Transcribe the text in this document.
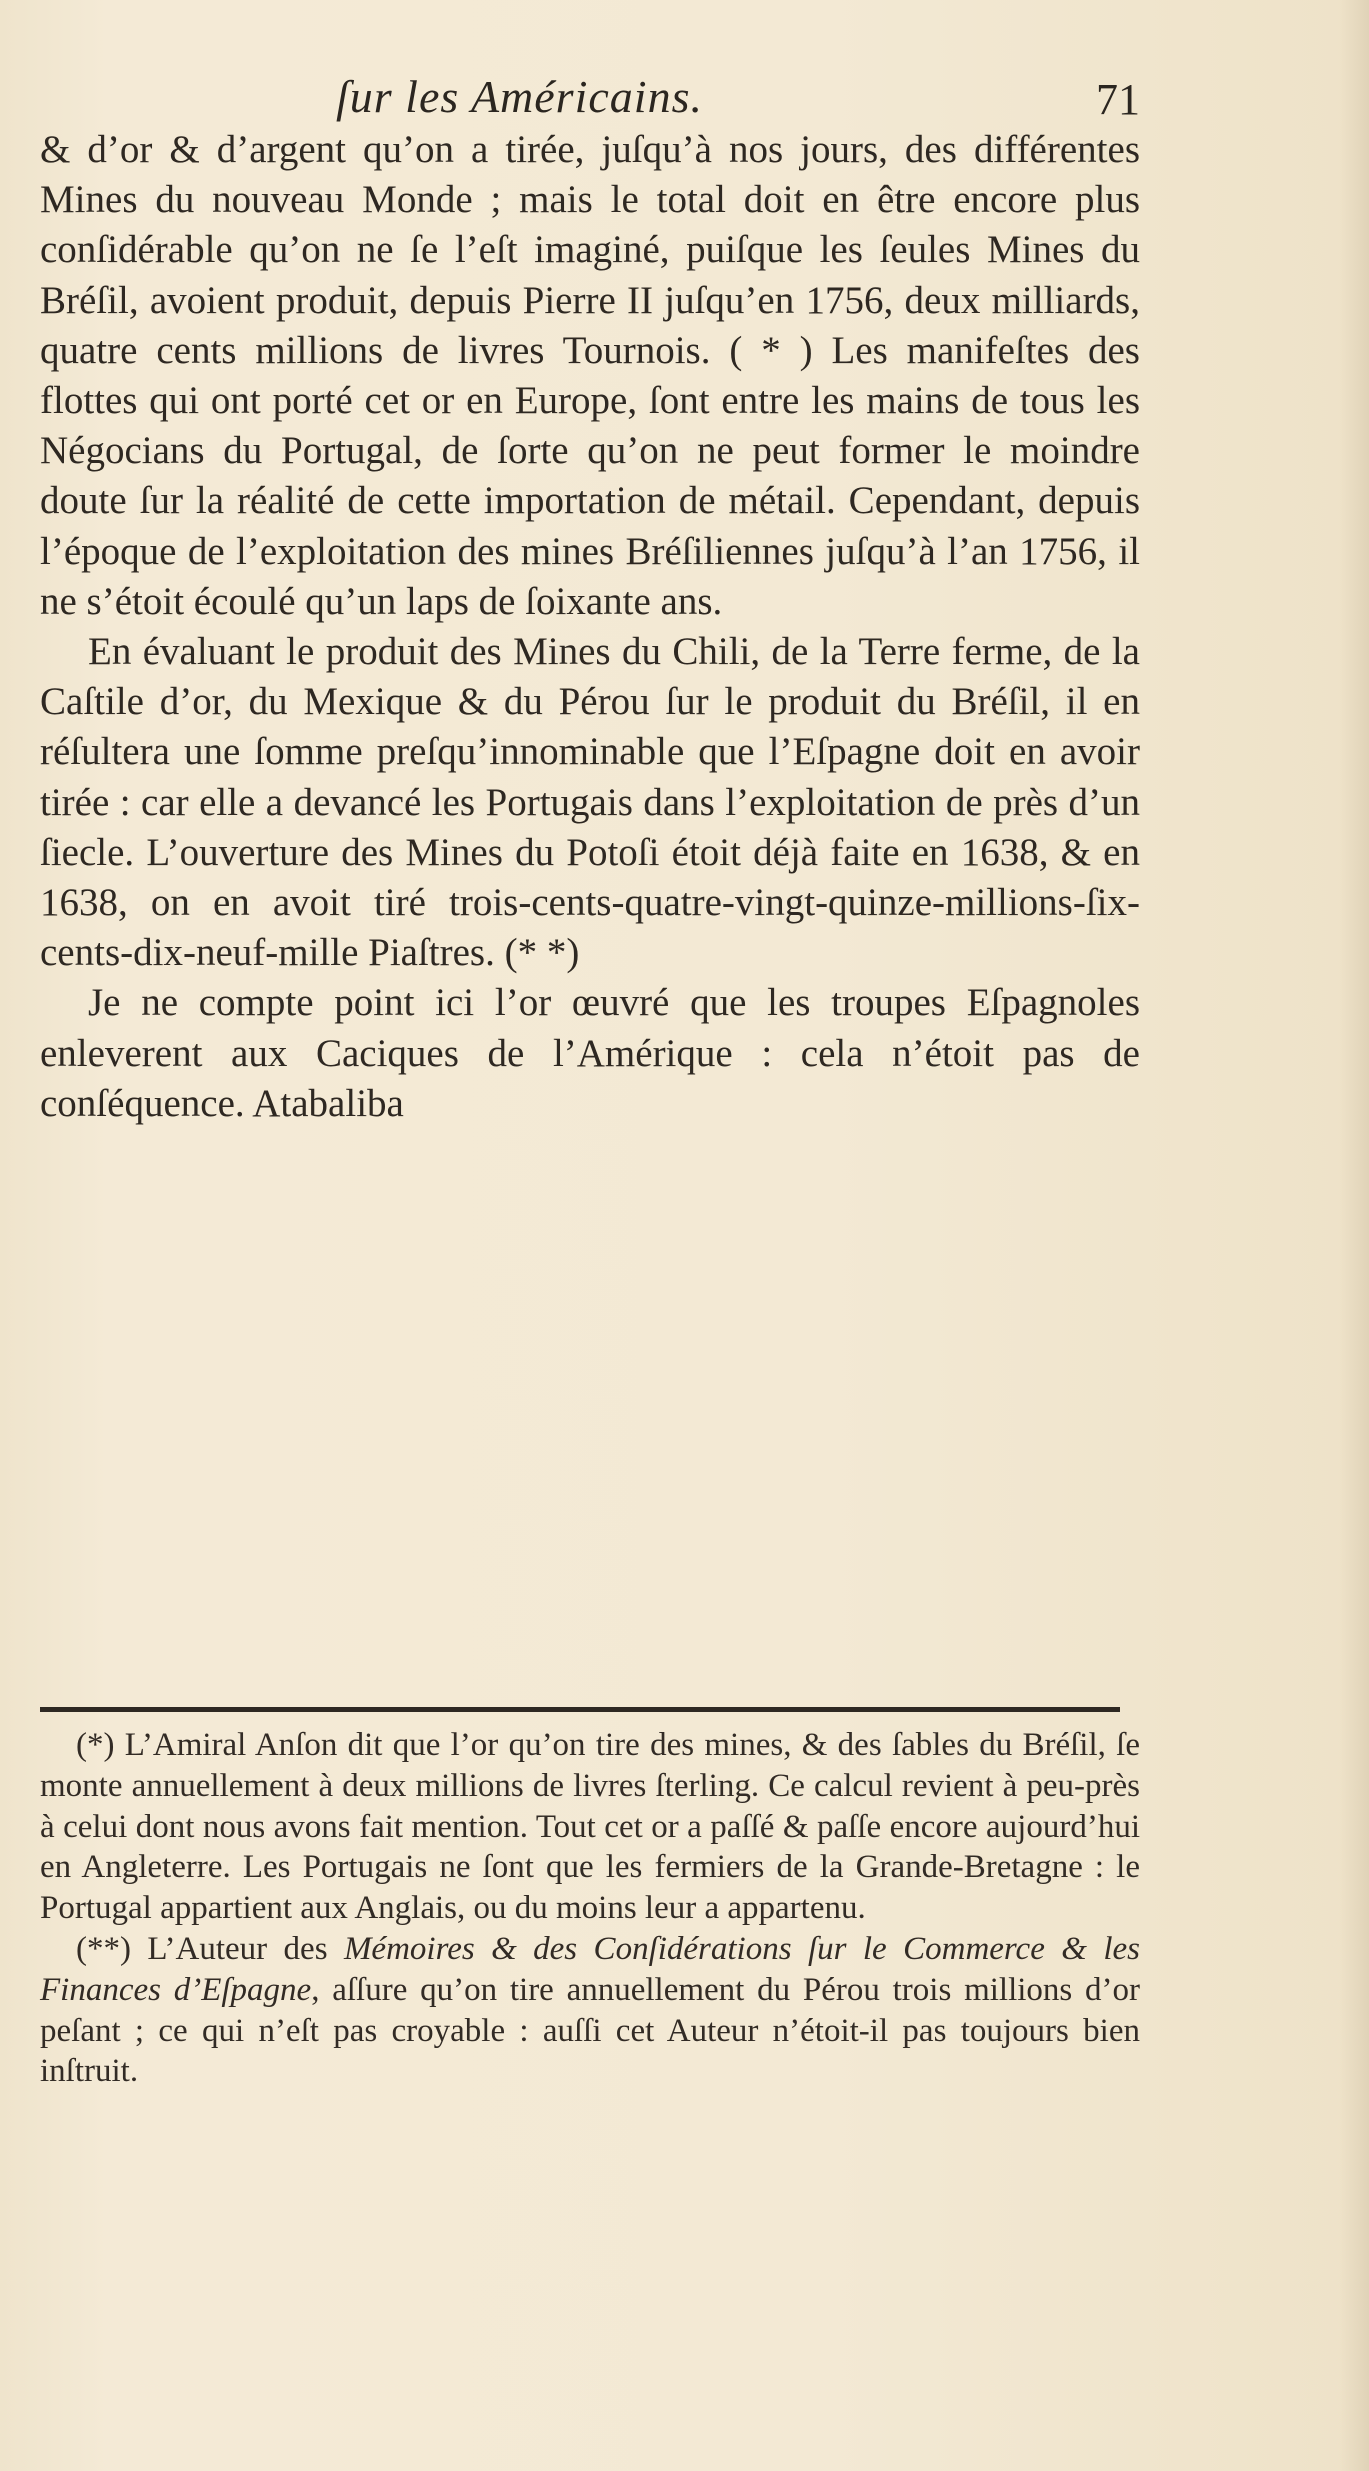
ſur les Américains.	71

& d’or & d’argent qu’on a tirée, juſqu’à nos jours, des différentes Mines du nouveau Monde ; mais le total doit en être encore plus conſidérable qu’on ne ſe l’eſt imaginé, puiſque les ſeules Mines du Bréſil, avoient produit, depuis Pierre II juſqu’en 1756, deux milliards, quatre cents millions de livres Tournois. ( * ) Les manifeſtes des flottes qui ont porté cet or en Europe, ſont entre les mains de tous les Négocians du Portugal, de ſorte qu’on ne peut former le moindre doute ſur la réalité de cette importation de métail. Cependant, depuis l’époque de l’exploitation des mines Bréſiliennes juſqu’à l’an 1756, il ne s’étoit écoulé qu’un laps de ſoixante ans.

En évaluant le produit des Mines du Chili, de la Terre ferme, de la Caſtile d’or, du Mexique & du Pérou ſur le produit du Bréſil, il en réſultera une ſomme preſqu’innominable que l’Eſpagne doit en avoir tirée : car elle a devancé les Portugais dans l’exploitation de près d’un ſiecle. L’ouverture des Mines du Potoſi étoit déjà faite en 1638, & en 1638, on en avoit tiré trois-cents-quatre-vingt-quinze-millions-ſix-cents-dix-neuf-mille Piaſtres. (* *)

Je ne compte point ici l’or œuvré que les troupes Eſpagnoles enleverent aux Caciques de l’Amérique : cela n’étoit pas de conſéquence. Atabaliba

(*) L’Amiral Anſon dit que l’or qu’on tire des mines, & des ſables du Bréſil, ſe monte annuellement à deux millions de livres ſterling. Ce calcul revient à peu-près à celui dont nous avons fait mention. Tout cet or a paſſé & paſſe encore aujourd’hui en Angleterre. Les Portugais ne ſont que les fermiers de la Grande-Bretagne : le Portugal appartient aux Anglais, ou du moins leur a appartenu.

(**) L’Auteur des Mémoires & des Conſidérations ſur le Commerce & les Finances d’Eſpagne, aſſure qu’on tire annuellement du Pérou trois millions d’or peſant ; ce qui n’eſt pas croyable : auſſi cet Auteur n’étoit-il pas toujours bien inſtruit.
